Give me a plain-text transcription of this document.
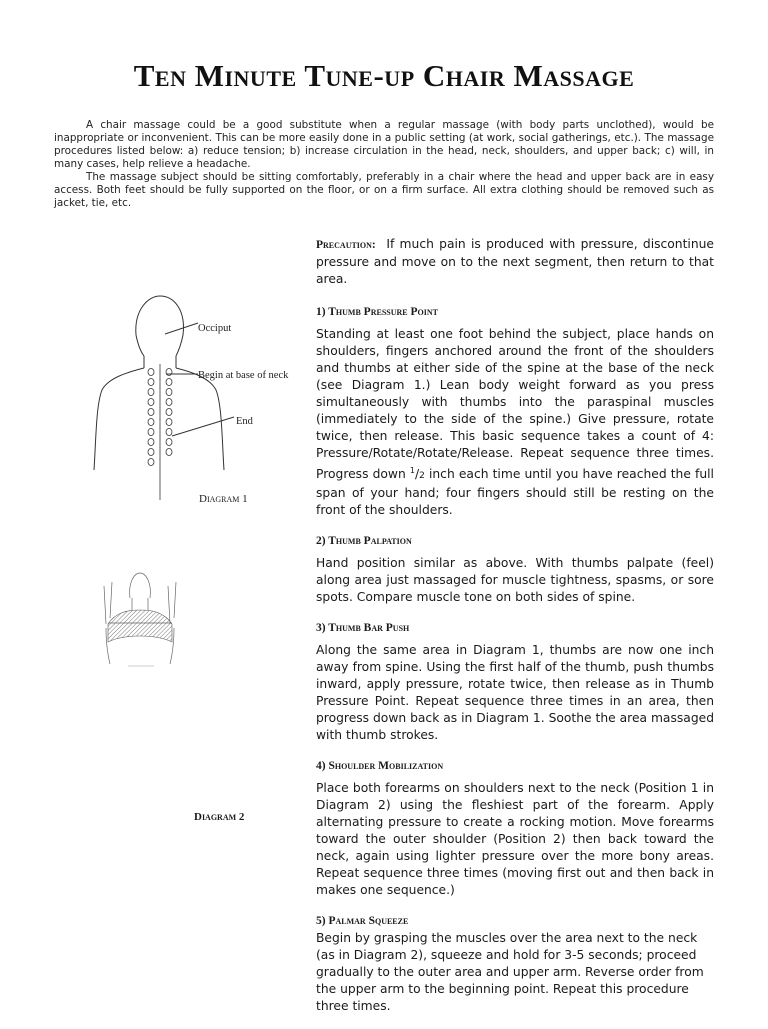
Ten Minute Tune-up Chair Massage

A chair massage could be a good substitute when a regular massage (with body parts unclothed), would be inappropriate or inconvenient. This can be more easily done in a public setting (at work, social gatherings, etc.). The massage procedures listed below: a) reduce tension; b) increase circulation in the head, neck, shoulders, and upper back; c) will, in many cases, help relieve a headache.

The massage subject should be sitting comfortably, preferably in a chair where the head and upper back are in easy access. Both feet should be fully supported on the floor, or on a firm surface. All extra clothing should be removed such as jacket, tie, etc.

Occiput
Begin at base of neck
End
Diagram 1
Diagram 2

Precaution: If much pain is produced with pressure, discontinue pressure and move on to the next segment, then return to that area.

1) Thumb Pressure Point

Standing at least one foot behind the subject, place hands on shoulders, fingers anchored around the front of the shoulders and thumbs at either side of the spine at the base of the neck (see Diagram 1.) Lean body weight forward as you press simultaneously with thumbs into the paraspinal muscles (immediately to the side of the spine.) Give pressure, rotate twice, then release. This basic sequence takes a count of 4: Pressure/Rotate/Rotate/Release. Repeat sequence three times. Progress down $^1$/2 inch each time until you have reached the full span of your hand; four fingers should still be resting on the front of the shoulders.

2) Thumb Palpation

Hand position similar as above. With thumbs palpate (feel) along area just massaged for muscle tightness, spasms, or sore spots. Compare muscle tone on both sides of spine.

3) Thumb Bar Push

Along the same area in Diagram 1, thumbs are now one inch away from spine. Using the first half of the thumb, push thumbs inward, apply pressure, rotate twice, then release as in Thumb Pressure Point. Repeat sequence three times in an area, then progress down back as in Diagram 1. Soothe the area massaged with thumb strokes.

4) Shoulder Mobilization

Place both forearms on shoulders next to the neck (Position 1 in Diagram 2) using the fleshiest part of the forearm. Apply alternating pressure to create a rocking motion. Move forearms toward the outer shoulder (Position 2) then back toward the neck, again using lighter pressure over the more bony areas. Repeat sequence three times (moving first out and then back in makes one sequence.)

5) Palmar Squeeze

Begin by grasping the muscles over the area next to the neck (as in Diagram 2), squeeze and hold for 3-5 seconds; proceed gradually to the outer area and upper arm. Reverse order from the upper arm to the beginning point. Repeat this procedure three times.
